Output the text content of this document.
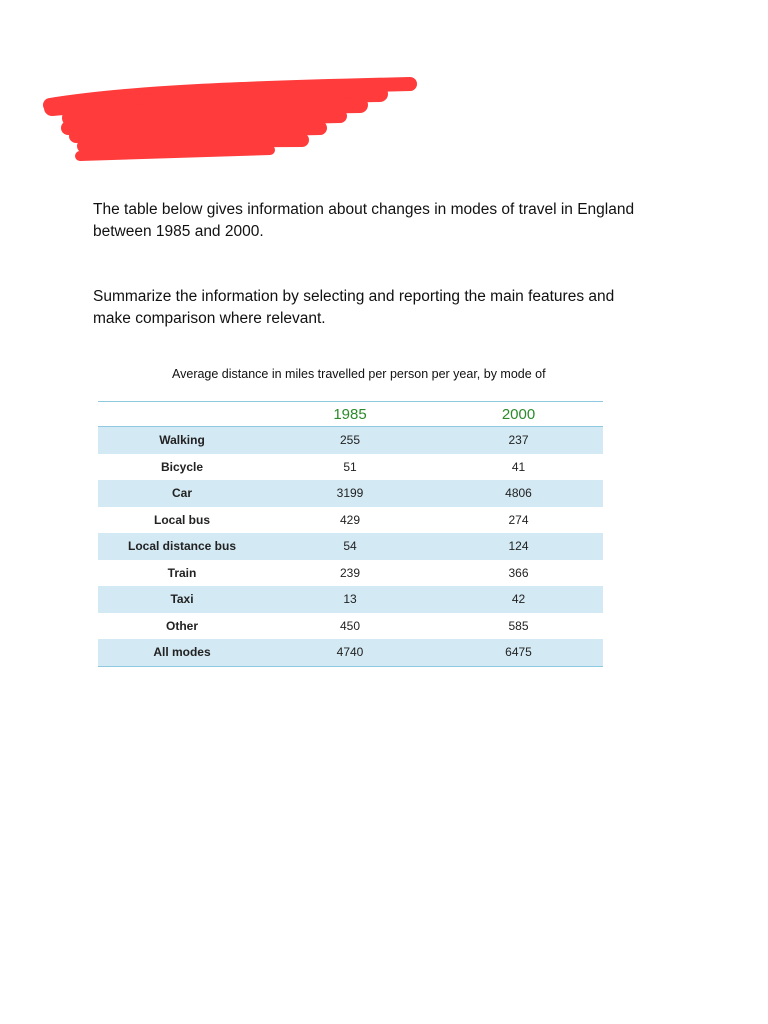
The table below gives information about changes in modes of travel in England
between 1985 and 2000.

Summarize the information by selecting and reporting the main features and
make comparison where relevant.

Average distance in miles travelled per person per year, by mode of
	1985	2000
Walking	255	237
Bicycle	51	41
Car	3199	4806
Local bus	429	274
Local distance bus	54	124
Train	239	366
Taxi	13	42
Other	450	585
All modes	4740	6475
